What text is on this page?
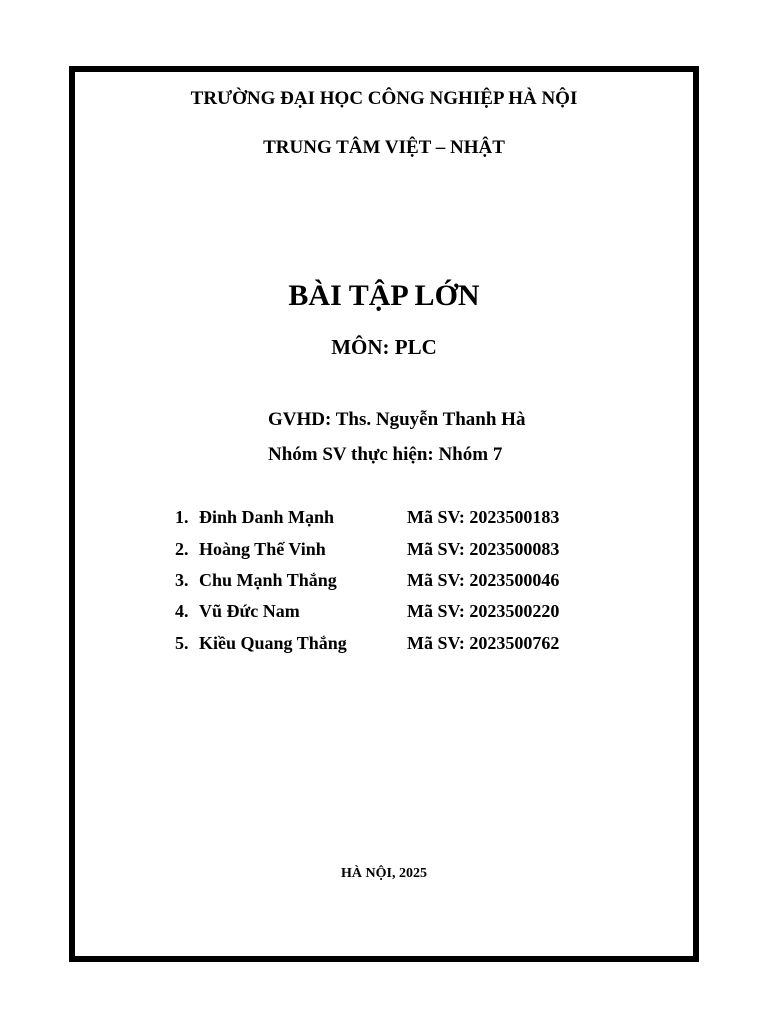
TRƯỜNG ĐẠI HỌC CÔNG NGHIỆP HÀ NỘI
TRUNG TÂM VIỆT – NHẬT
BÀI TẬP LỚN
MÔN: PLC
GVHD: Ths. Nguyễn Thanh Hà
Nhóm SV thực hiện: Nhóm 7
1. Đinh Danh Mạnh	Mã SV: 2023500183
2. Hoàng Thế Vinh	Mã SV: 2023500083
3. Chu Mạnh Thắng	Mã SV: 2023500046
4. Vũ Đức Nam	Mã SV: 2023500220
5. Kiều Quang Thắng	Mã SV: 2023500762
HÀ NỘI, 2025
